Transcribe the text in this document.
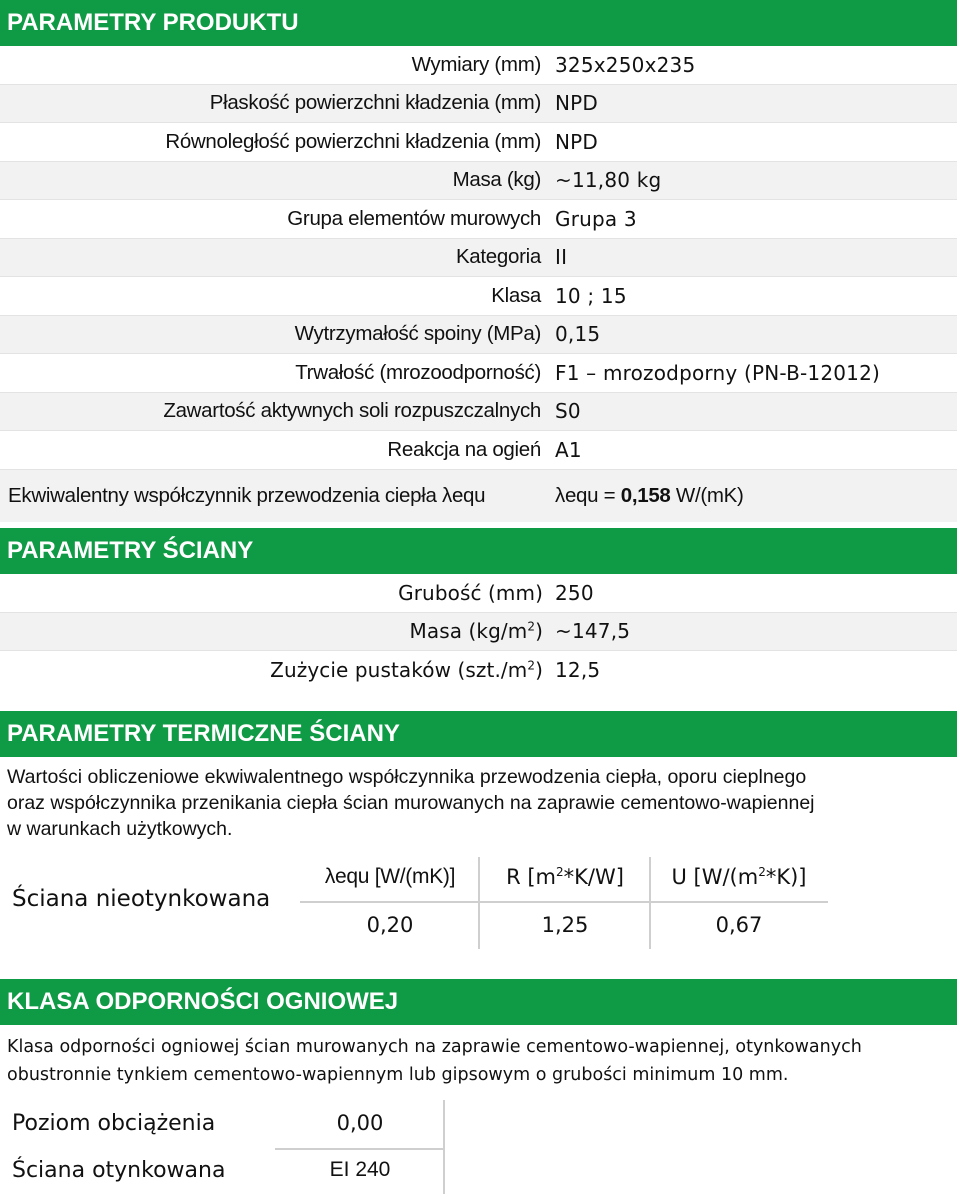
PARAMETRY PRODUKTU
Wymiary (mm) 325x250x235
Płaskość powierzchni kładzenia (mm) NPD
Równoległość powierzchni kładzenia (mm) NPD
Masa (kg) ~11,80 kg
Grupa elementów murowych Grupa 3
Kategoria II
Klasa 10 ; 15
Wytrzymałość spoiny (MPa) 0,15
Trwałość (mrozoodporność) F1 – mrozodporny (PN-B-12012)
Zawartość aktywnych soli rozpuszczalnych S0
Reakcja na ogień A1
Ekwiwalentny współczynnik przewodzenia ciepła λequ	λequ = 0,158 W/(mK)
PARAMETRY ŚCIANY
Grubość (mm) 250
Masa $(kg/m^2)$ ~147,5
Zużycie pustaków $(szt./m^2)$ 12,5
PARAMETRY TERMICZNE ŚCIANY
Wartości obliczeniowe ekwiwalentnego współczynnika przewodzenia ciepła, oporu cieplnego
oraz współczynnika przenikania ciepła ścian murowanych na zaprawie cementowo-wapiennej
w warunkach użytkowych.
Ściana nieotynkowana
λequ [W/(mK)]	R $[m^2*K/W]$	U $[W/(m^2*K)]$
0,20	1,25	0,67
KLASA ODPORNOŚCI OGNIOWEJ
Klasa odporności ogniowej ścian murowanych na zaprawie cementowo-wapiennej, otynkowanych
obustronnie tynkiem cementowo-wapiennym lub gipsowym o grubości minimum 10 mm.
Poziom obciążenia	0,00
Ściana otynkowana	EI 240
